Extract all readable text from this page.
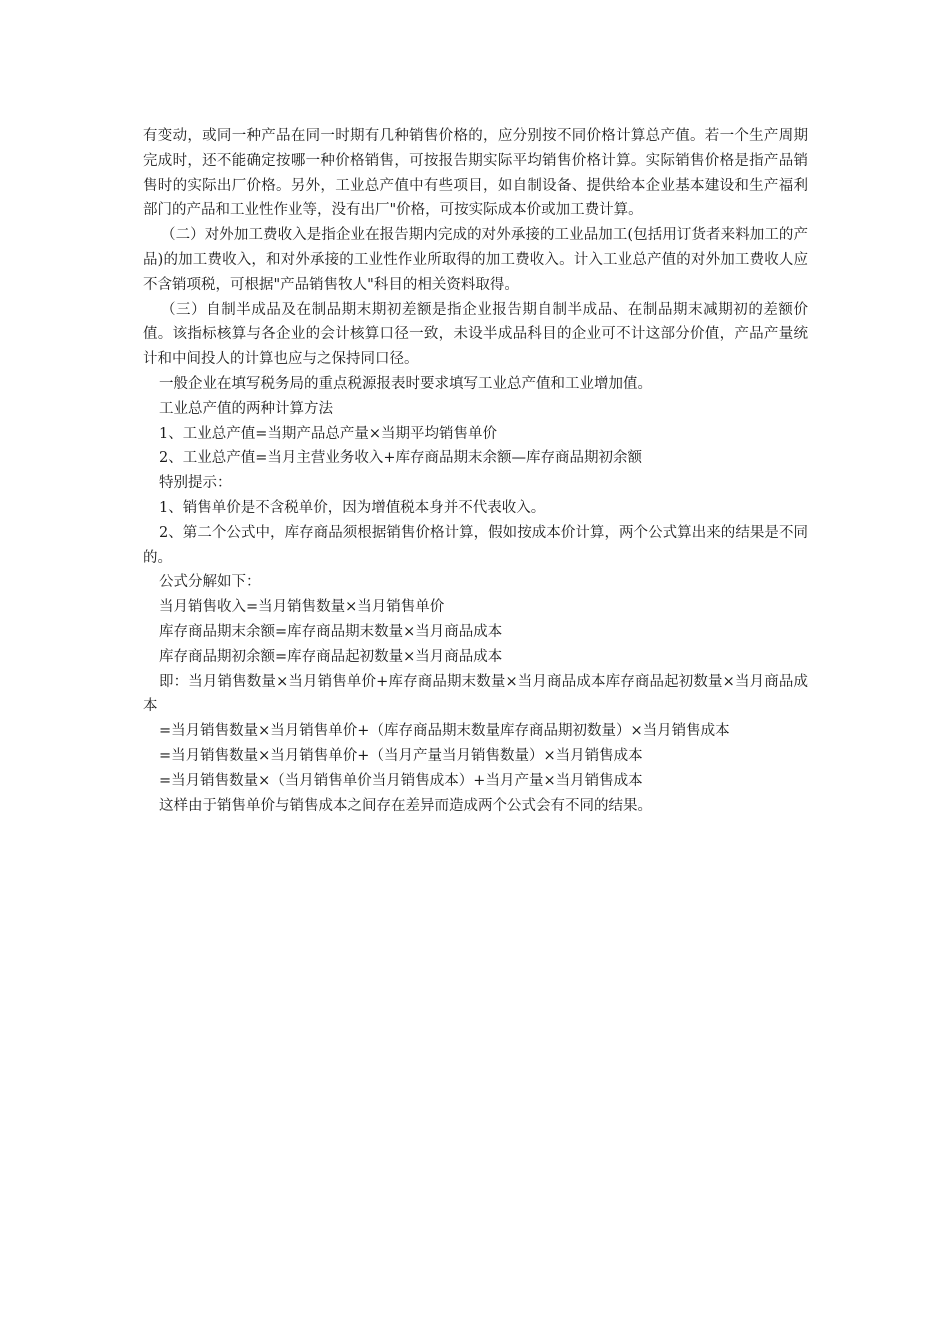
有变动，或同一种产品在同一时期有几种销售价格的，应分别按不同价格计算总产值。若一个生产周期完成时，还不能确定按哪一种价格销售，可按报告期实际平均销售价格计算。实际销售价格是指产品销售时的实际出厂价格。另外，工业总产值中有些项目，如自制设备、提供给本企业基本建设和生产福利部门的产品和工业性作业等，没有出厂"价格，可按实际成本价或加工费计算。

（二）对外加工费收入是指企业在报告期内完成的对外承接的工业品加工(包括用订货者来料加工的产品)的加工费收入，和对外承接的工业性作业所取得的加工费收入。计入工业总产值的对外加工费收人应不含销项税，可根据"产品销售牧人"科目的相关资料取得。

（三）自制半成品及在制品期末期初差额是指企业报告期自制半成品、在制品期末减期初的差额价值。该指标核算与各企业的会计核算口径一致，未设半成品科目的企业可不计这部分价值，产品产量统计和中间投人的计算也应与之保持同口径。

一般企业在填写税务局的重点税源报表时要求填写工业总产值和工业增加值。

工业总产值的两种计算方法

1、工业总产值=当期产品总产量×当期平均销售单价

2、工业总产值=当月主营业务收入+库存商品期末余额—库存商品期初余额

特别提示：

1、销售单价是不含税单价，因为增值税本身并不代表收入。

2、第二个公式中，库存商品须根据销售价格计算，假如按成本价计算，两个公式算出来的结果是不同的。

公式分解如下：

当月销售收入=当月销售数量×当月销售单价

库存商品期末余额=库存商品期末数量×当月商品成本

库存商品期初余额=库存商品起初数量×当月商品成本

即：当月销售数量×当月销售单价+库存商品期末数量×当月商品成本库存商品起初数量×当月商品成本

=当月销售数量×当月销售单价+（库存商品期末数量库存商品期初数量）×当月销售成本

=当月销售数量×当月销售单价+（当月产量当月销售数量）×当月销售成本

=当月销售数量×（当月销售单价当月销售成本）+当月产量×当月销售成本

这样由于销售单价与销售成本之间存在差异而造成两个公式会有不同的结果。
